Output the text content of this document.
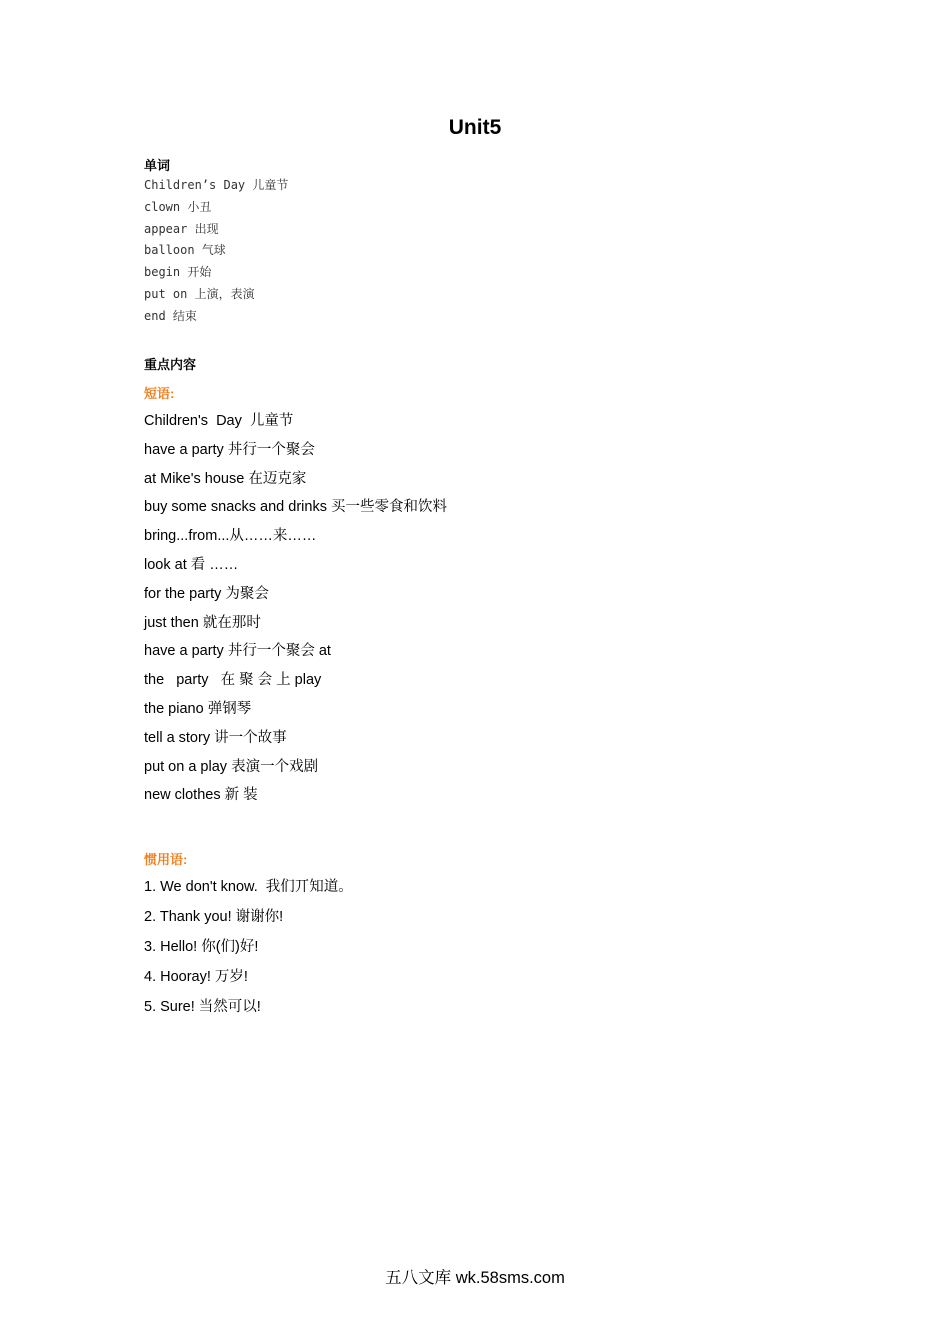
Unit5
单词
Children’s Day 儿童节
clown 小丑
appear 出现
balloon 气球
begin 开始
put on 上演，表演
end 结束
重点内容
短语:
Children's  Day  儿童节
have a party 丼行一个聚会
at Mike's house 在迈克家
buy some snacks and drinks 买一些零食和饮料
bring...from...从……来……
look at 看 ……
for the party 为聚会
just then 就在那时
have a party 丼行一个聚会 at
the   party   在 聚 会 上 play
the piano 弹钢琴
tell a story 讲一个故事
put on a play 表演一个戏剧
new clothes 新 装
惯用语:
1. We don't know.  我们丌知道。
2. Thank you! 谢谢你!
3. Hello! 你(们)好!
4. Hooray! 万岁!
5. Sure! 当然可以!
五八文库 wk.58sms.com
